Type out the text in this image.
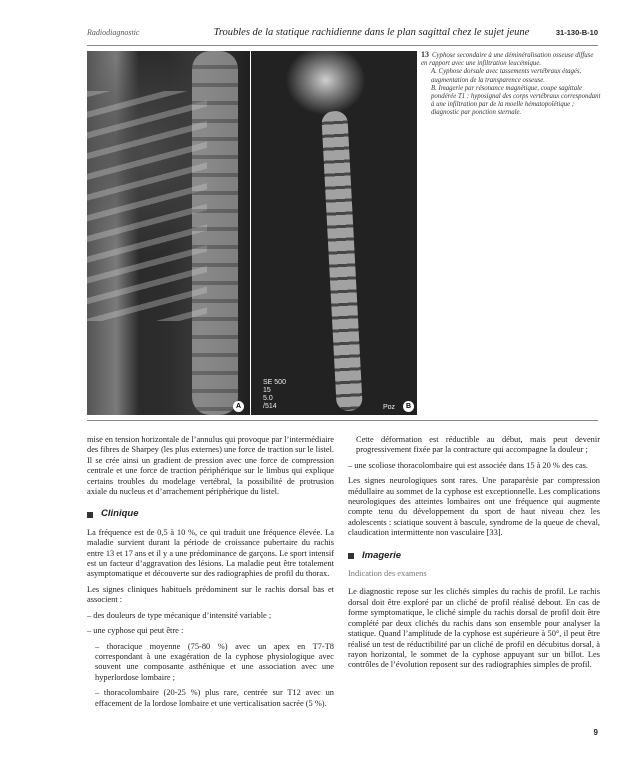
Radiodiagnostic	Troubles de la statique rachidienne dans le plan sagittal chez le sujet jeune	31-130-B-10
A
SE 500
15
5.0
/514	Poz	B

13 Cyphose secondaire à une déminéralisation osseuse diffuse en rapport avec une infiltration leucémique.

A. Cyphose dorsale avec tassements vertébraux étagés, augmentation de la transparence osseuse.

B. Imagerie par résonance magnétique, coupe sagittale pondérée T1 : hyposignal des corps vertébraux correspondant à une infiltration par de la moelle hématopoïétique ; diagnostic par ponction sternale.

mise en tension horizontale de l’annulus qui provoque par l’intermédiaire des fibres de Sharpey (les plus externes) une force de traction sur le listel. Il se crée ainsi un gradient de pression avec une force de compression centrale et une force de traction périphérique sur le limbus qui explique certains troubles du modelage vertébral, la possibilité de protrusion axiale du nucleus et d’arrachement périphérique du listel.

Clinique

La fréquence est de 0,5 à 10 %, ce qui traduit une fréquence élevée. La maladie survient durant la période de croissance pubertaire du rachis entre 13 et 17 ans et il y a une prédominance de garçons. Le sport intensif est un facteur d’aggravation des lésions. La maladie peut être totalement asymptomatique et découverte sur des radiographies de profil du thorax.

Les signes cliniques habituels prédominent sur le rachis dorsal bas et associent :

– des douleurs de type mécanique d’intensité variable ;

– une cyphose qui peut être :

– thoracique moyenne (75-80 %) avec un apex en T7-T8 correspondant à une exagération de la cyphose physiologique avec souvent une composante asthénique et une association avec une hyperlordose lombaire ;

– thoracolombaire (20-25 %) plus rare, centrée sur T12 avec un effacement de la lordose lombaire et une verticalisation sacrée (5 %).

Cette déformation est réductible au début, mais peut devenir progressivement fixée par la contracture qui accompagne la douleur ;

– une scoliose thoracolombaire qui est associée dans 15 à 20 % des cas.

Les signes neurologiques sont rares. Une paraparésie par compression médullaire au sommet de la cyphose est exceptionnelle. Les complications neurologiques des atteintes lombaires ont une fréquence qui augmente compte tenu du développement du sport de haut niveau chez les adolescents : sciatique souvent à bascule, syndrome de la queue de cheval, claudication intermittente non vasculaire [33].

Imagerie
Indication des examens

Le diagnostic repose sur les clichés simples du rachis de profil. Le rachis dorsal doit être exploré par un cliché de profil réalisé debout. En cas de forme symptomatique, le cliché simple du rachis dorsal de profil doit être complété par deux clichés du rachis dans son ensemble pour analyser la statique. Quand l’amplitude de la cyphose est supérieure à 50°, il peut être réalisé un test de réductibilité par un cliché de profil en décubitus dorsal, à rayon horizontal, le sommet de la cyphose appuyant sur un billot. Les contrôles de l’évolution reposent sur des radiographies simples de profil.

9
